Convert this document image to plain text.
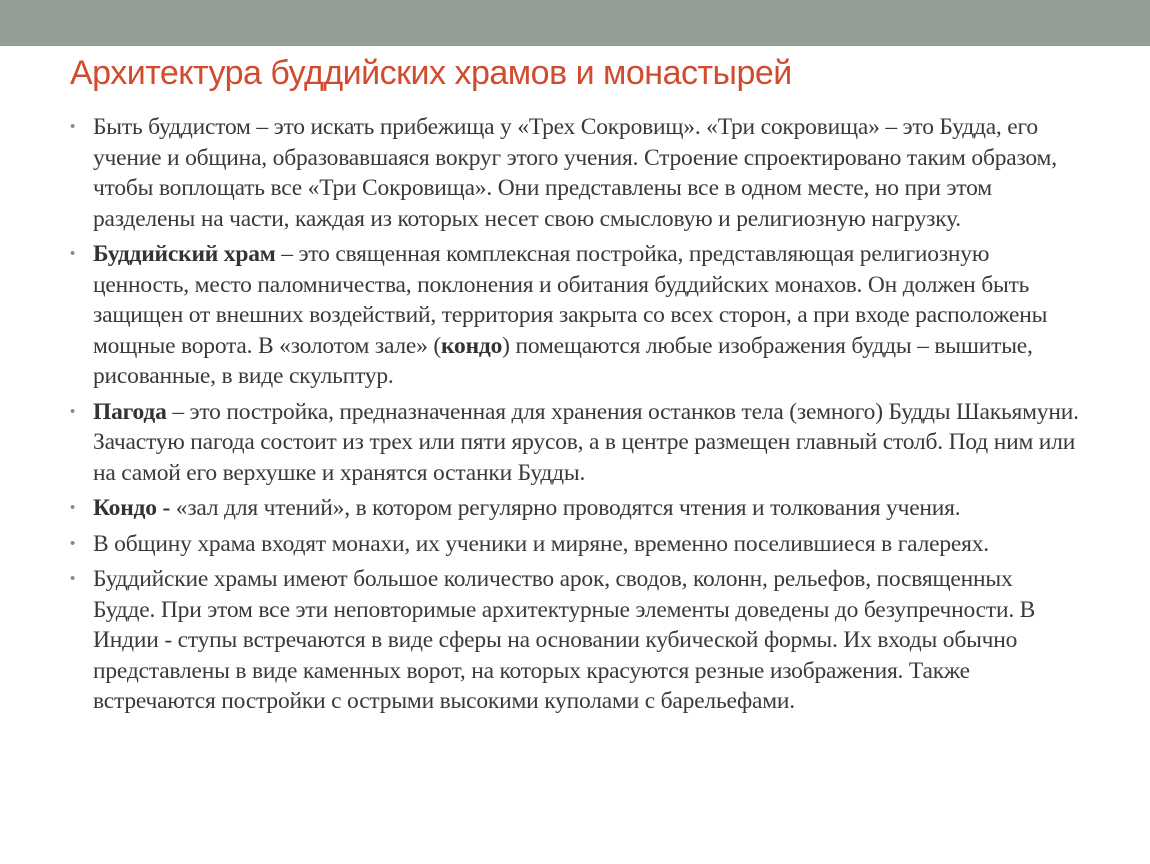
Архитектура буддийских храмов и монастырей
• Быть буддистом – это искать прибежища у «Трех Сокровищ». «Три сокровища» – это Будда, его учение и община, образовавшаяся вокруг этого учения. Строение спроектировано таким образом, чтобы воплощать все «Три Сокровища». Они представлены все в одном месте, но при этом разделены на части, каждая из которых несет свою смысловую и религиозную нагрузку.
• Буддийский храм – это священная комплексная постройка, представляющая религиозную ценность, место паломничества, поклонения и обитания буддийских монахов. Он должен быть защищен от внешних воздействий, территория закрыта со всех сторон, а при входе расположены мощные ворота. В «золотом зале» (кондо) помещаются любые изображения будды – вышитые, рисованные, в виде скульптур.
• Пагода – это постройка, предназначенная для хранения останков тела (земного) Будды Шакьямуни. Зачастую пагода состоит из трех или пяти ярусов, а в центре размещен главный столб. Под ним или на самой его верхушке и хранятся останки Будды.
• Кондо - «зал для чтений», в котором регулярно проводятся чтения и толкования учения.
• В общину храма входят монахи, их ученики и миряне, временно поселившиеся в галереях.
• Буддийские храмы имеют большое количество арок, сводов, колонн, рельефов, посвященных Будде. При этом все эти неповторимые архитектурные элементы доведены до безупречности. В Индии - ступы встречаются в виде сферы на основании кубической формы. Их входы обычно представлены в виде каменных ворот, на которых красуются резные изображения. Также встречаются постройки с острыми высокими куполами с барельефами.
